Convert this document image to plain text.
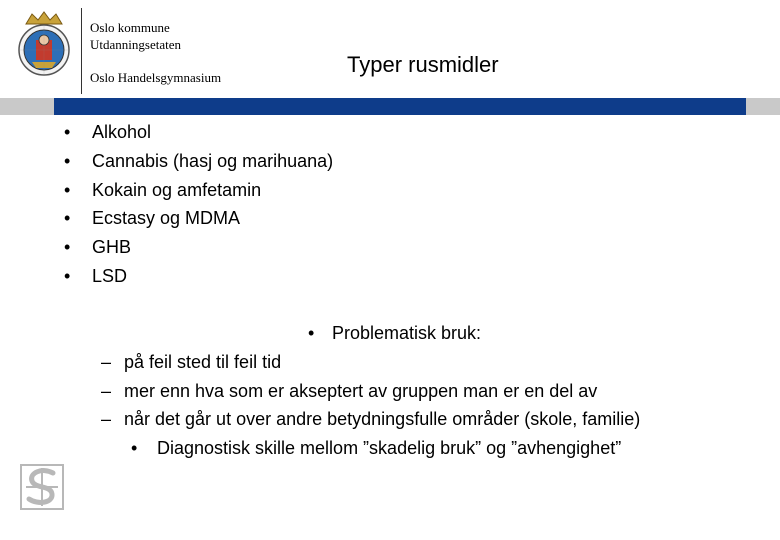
Oslo kommune
Utdanningsetaten
Oslo Handelsgymnasium
Typer rusmidler
• Alkohol
• Cannabis (hasj og marihuana)
• Kokain og amfetamin
• Ecstasy og MDMA
• GHB
• LSD
• Problematisk bruk:
– på feil sted til feil tid
– mer enn hva som er akseptert av gruppen man er en del av
– når det går ut over andre betydningsfulle områder (skole, familie)
• Diagnostisk skille mellom ”skadelig bruk” og ”avhengighet”
